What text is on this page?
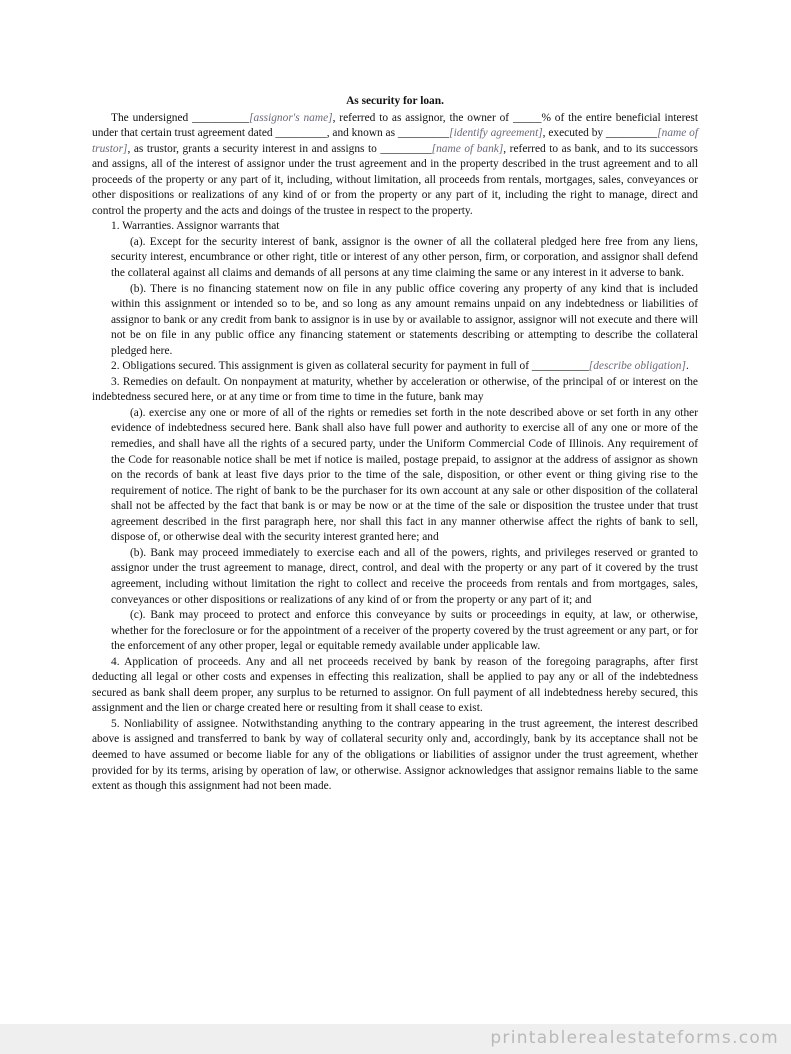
As security for loan.

The undersigned __________[assignor's name], referred to as assignor, the owner of _____% of the entire beneficial interest under that certain trust agreement dated _________, and known as _________[identify agreement], executed by _________[name of trustor], as trustor, grants a security interest in and assigns to _________[name of bank], referred to as bank, and to its successors and assigns, all of the interest of assignor under the trust agreement and in the property described in the trust agreement and to all proceeds of the property or any part of it, including, without limitation, all proceeds from rentals, mortgages, sales, conveyances or other dispositions or realizations of any kind of or from the property or any part of it, including the right to manage, direct and control the property and the acts and doings of the trustee in respect to the property.

1. Warranties. Assignor warrants that

(a). Except for the security interest of bank, assignor is the owner of all the collateral pledged here free from any liens, security interest, encumbrance or other right, title or interest of any other person, firm, or corporation, and assignor shall defend the collateral against all claims and demands of all persons at any time claiming the same or any interest in it adverse to bank.

(b). There is no financing statement now on file in any public office covering any property of any kind that is included within this assignment or intended so to be, and so long as any amount remains unpaid on any indebtedness or liabilities of assignor to bank or any credit from bank to assignor is in use by or available to assignor, assignor will not execute and there will not be on file in any public office any financing statement or statements describing or attempting to describe the collateral pledged here.

2. Obligations secured. This assignment is given as collateral security for payment in full of __________[describe obligation].

3. Remedies on default. On nonpayment at maturity, whether by acceleration or otherwise, of the principal of or interest on the indebtedness secured here, or at any time or from time to time in the future, bank may

(a). exercise any one or more of all of the rights or remedies set forth in the note described above or set forth in any other evidence of indebtedness secured here. Bank shall also have full power and authority to exercise all of any one or more of the remedies, and shall have all the rights of a secured party, under the Uniform Commercial Code of Illinois. Any requirement of the Code for reasonable notice shall be met if notice is mailed, postage prepaid, to assignor at the address of assignor as shown on the records of bank at least five days prior to the time of the sale, disposition, or other event or thing giving rise to the requirement of notice. The right of bank to be the purchaser for its own account at any sale or other disposition of the collateral shall not be affected by the fact that bank is or may be now or at the time of the sale or disposition the trustee under that trust agreement described in the first paragraph here, nor shall this fact in any manner otherwise affect the rights of bank to sell, dispose of, or otherwise deal with the security interest granted here; and

(b). Bank may proceed immediately to exercise each and all of the powers, rights, and privileges reserved or granted to assignor under the trust agreement to manage, direct, control, and deal with the property or any part of it covered by the trust agreement, including without limitation the right to collect and receive the proceeds from rentals and from mortgages, sales, conveyances or other dispositions or realizations of any kind of or from the property or any part of it; and

(c). Bank may proceed to protect and enforce this conveyance by suits or proceedings in equity, at law, or otherwise, whether for the foreclosure or for the appointment of a receiver of the property covered by the trust agreement or any part, or for the enforcement of any other proper, legal or equitable remedy available under applicable law.

4. Application of proceeds. Any and all net proceeds received by bank by reason of the foregoing paragraphs, after first deducting all legal or other costs and expenses in effecting this realization, shall be applied to pay any or all of the indebtedness secured as bank shall deem proper, any surplus to be returned to assignor. On full payment of all indebtedness hereby secured, this assignment and the lien or charge created here or resulting from it shall cease to exist.

5. Nonliability of assignee. Notwithstanding anything to the contrary appearing in the trust agreement, the interest described above is assigned and transferred to bank by way of collateral security only and, accordingly, bank by its acceptance shall not be deemed to have assumed or become liable for any of the obligations or liabilities of assignor under the trust agreement, whether provided for by its terms, arising by operation of law, or otherwise. Assignor acknowledges that assignor remains liable to the same extent as though this assignment had not been made.

printablerealestateforms.com
